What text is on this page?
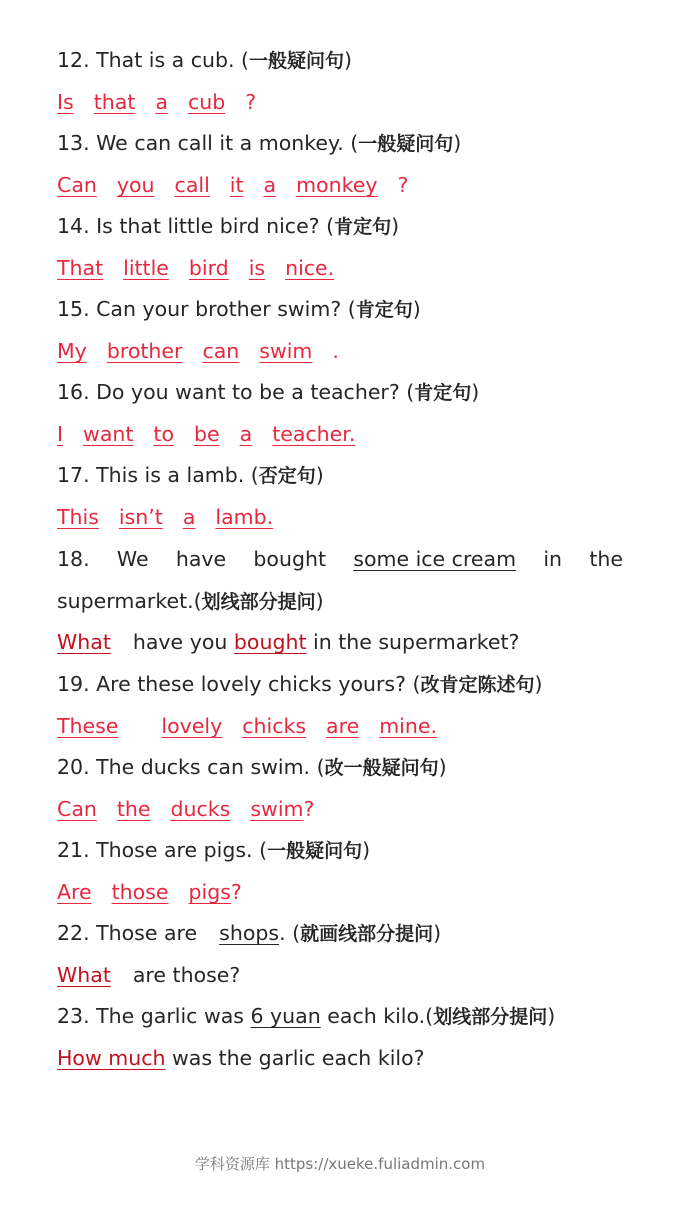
12. That is a cub. (一般疑问句)
Is that a cub ?
13. We can call it a monkey. (一般疑问句)
Can you call it a monkey ?
14. Is that little bird nice? (肯定句)
That little bird is nice.
15. Can your brother swim? (肯定句)
My brother can swim .
16. Do you want to be a teacher? (肯定句)
I want to be a teacher.
17. This is a lamb. (否定句)
This isn’t a lamb.
18. We have bought some ice cream in the
supermarket.(划线部分提问)
What have you bought in the supermarket?
19. Are these lovely chicks yours? (改肯定陈述句)
These lovely chicks are mine.
20. The ducks can swim. (改一般疑问句)
Can the ducks swim?
21. Those are pigs. (一般疑问句)
Are those pigs?
22. Those are shops. (就画线部分提问)
What are those?
23. The garlic was 6 yuan each kilo.(划线部分提问)
How much was the garlic each kilo?
学科资源库 https://xueke.fuliadmin.com
